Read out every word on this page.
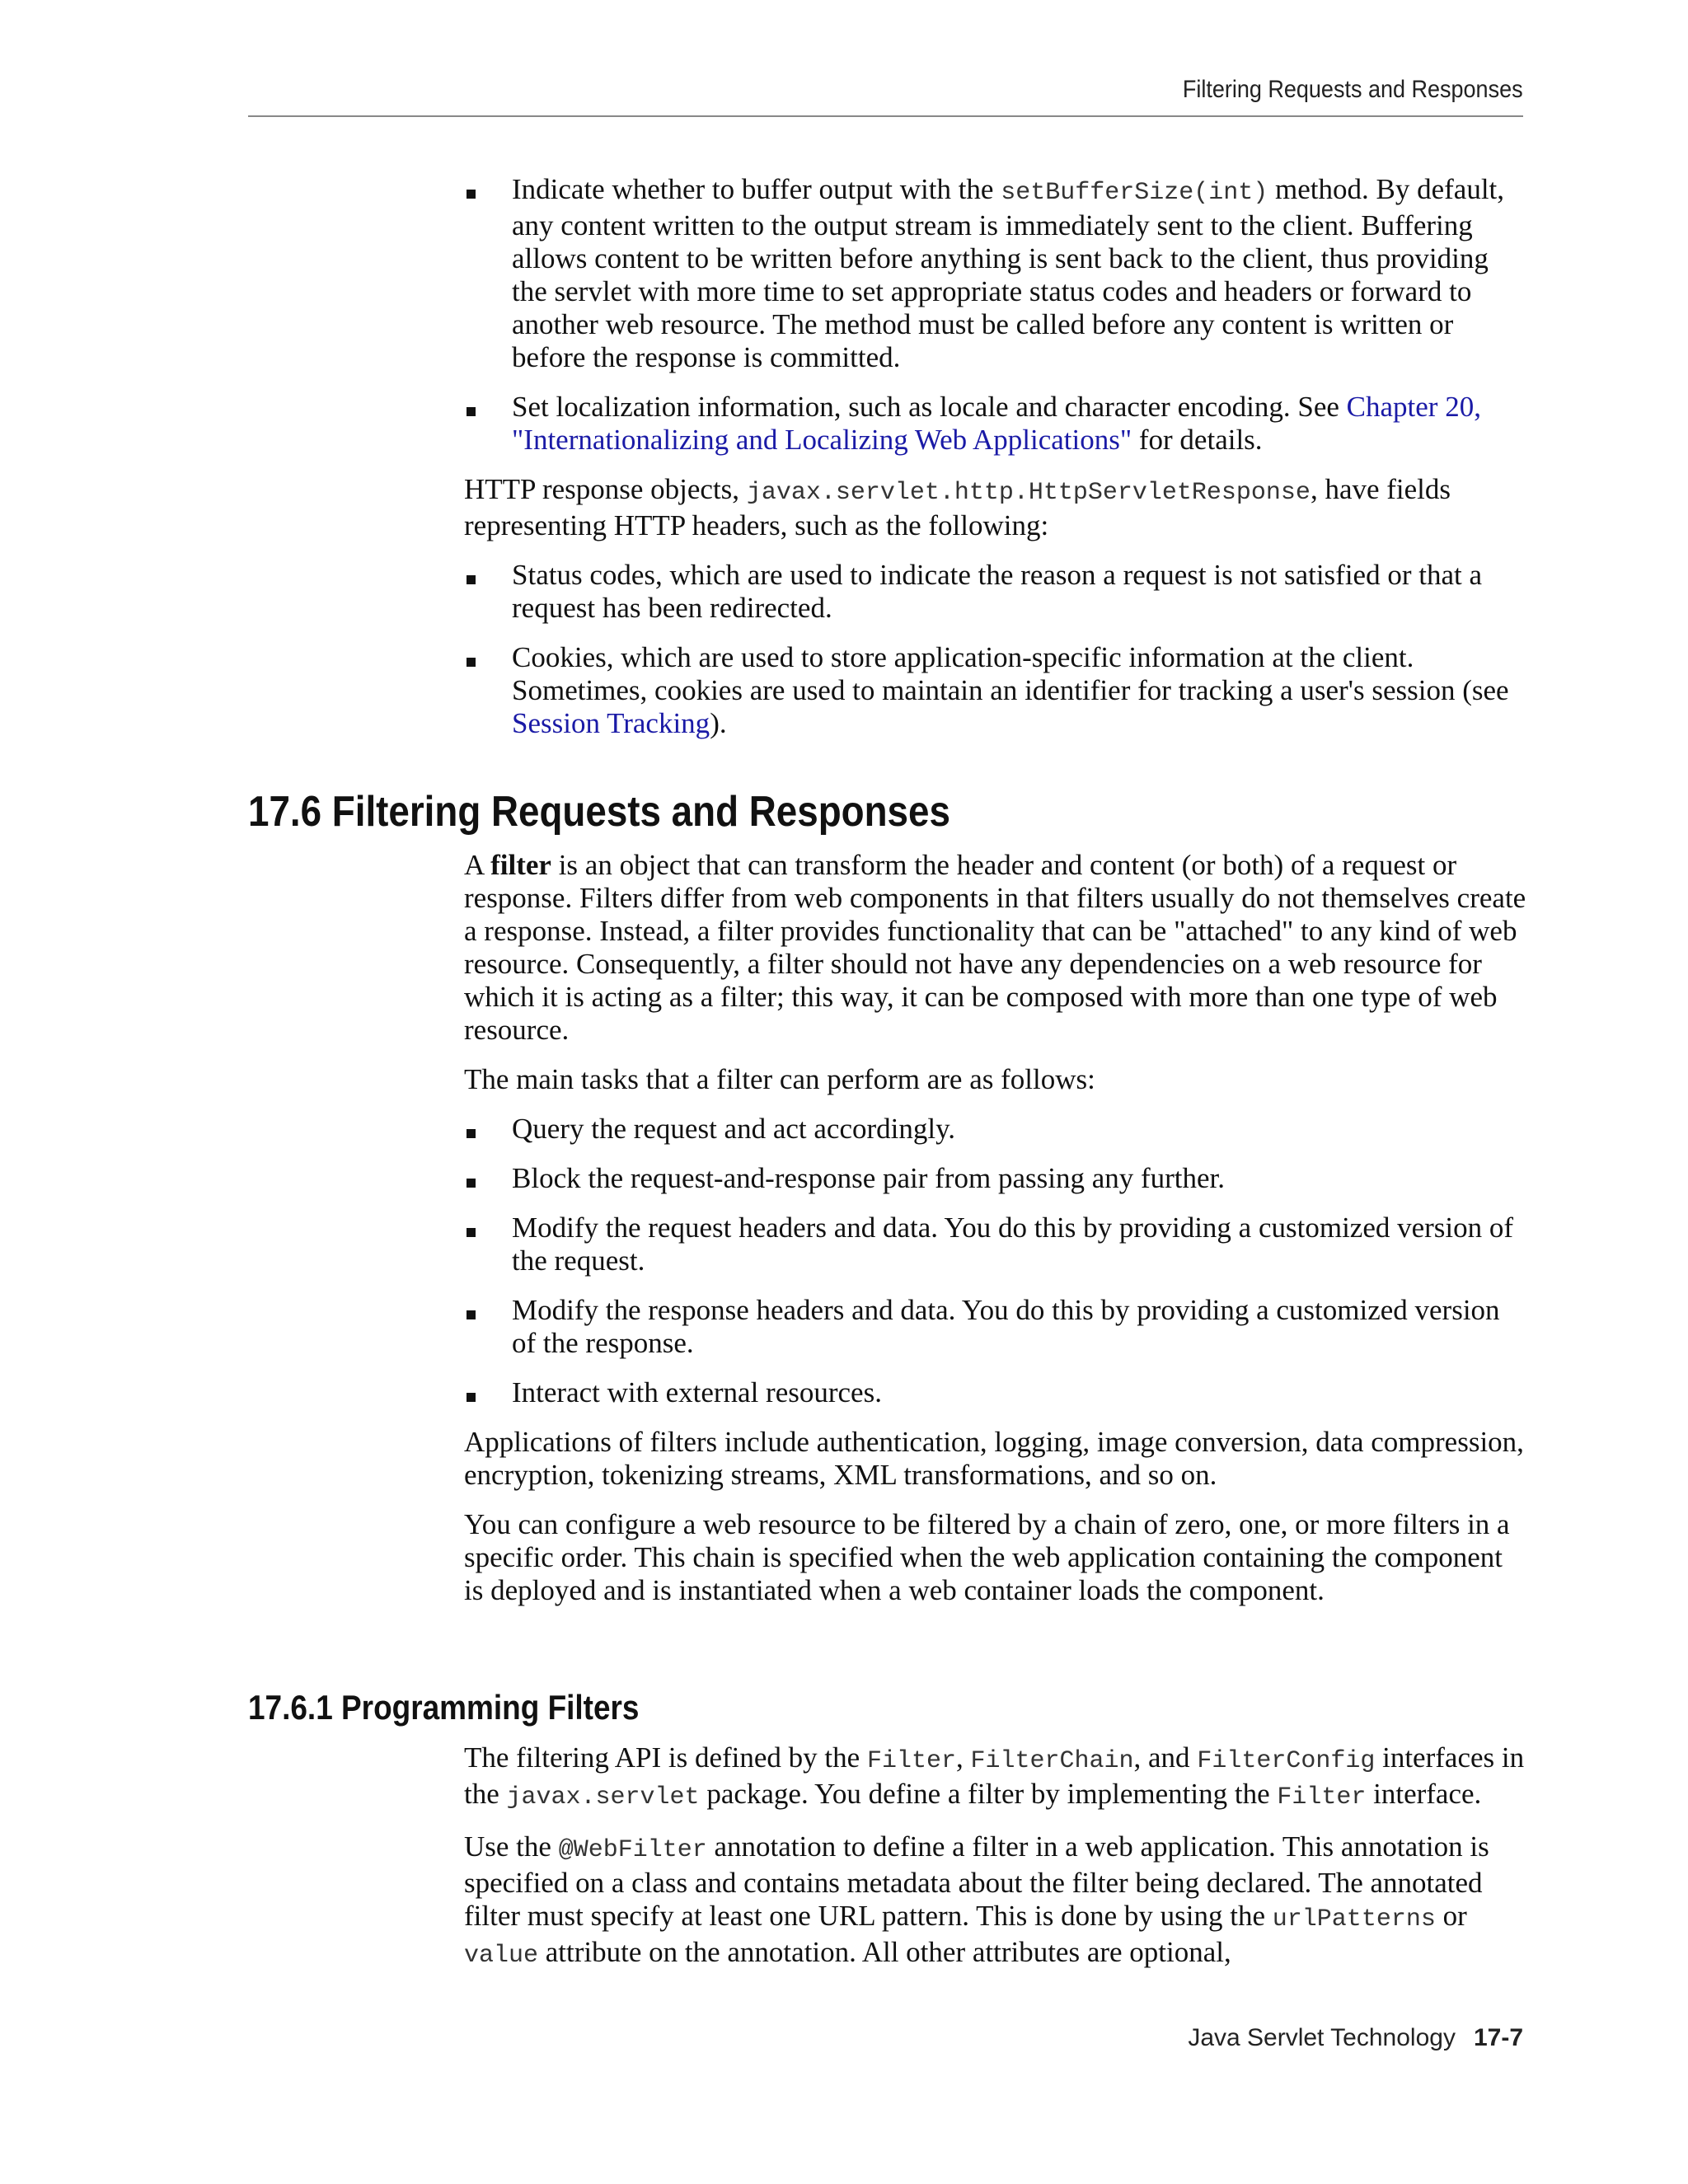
Filtering Requests and Responses
Indicate whether to buffer output with the setBufferSize(int) method. By default, any content written to the output stream is immediately sent to the client. Buffering allows content to be written before anything is sent back to the client, thus providing the servlet with more time to set appropriate status codes and headers or forward to another web resource. The method must be called before any content is written or before the response is committed.
Set localization information, such as locale and character encoding. See Chapter 20, "Internationalizing and Localizing Web Applications" for details.

HTTP response objects, javax.servlet.http.HttpServletResponse, have fields representing HTTP headers, such as the following:

Status codes, which are used to indicate the reason a request is not satisfied or that a request has been redirected.
Cookies, which are used to store application-specific information at the client. Sometimes, cookies are used to maintain an identifier for tracking a user's session (see Session Tracking).
17.6 Filtering Requests and Responses

A filter is an object that can transform the header and content (or both) of a request or response. Filters differ from web components in that filters usually do not themselves create a response. Instead, a filter provides functionality that can be "attached" to any kind of web resource. Consequently, a filter should not have any dependencies on a web resource for which it is acting as a filter; this way, it can be composed with more than one type of web resource.

The main tasks that a filter can perform are as follows:

Query the request and act accordingly.
Block the request-and-response pair from passing any further.
Modify the request headers and data. You do this by providing a customized version of the request.
Modify the response headers and data. You do this by providing a customized version of the response.
Interact with external resources.

Applications of filters include authentication, logging, image conversion, data compression, encryption, tokenizing streams, XML transformations, and so on.

You can configure a web resource to be filtered by a chain of zero, one, or more filters in a specific order. This chain is specified when the web application containing the component is deployed and is instantiated when a web container loads the component.

17.6.1 Programming Filters

The filtering API is defined by the Filter, FilterChain, and FilterConfig interfaces in the javax.servlet package. You define a filter by implementing the Filter interface.

Use the @WebFilter annotation to define a filter in a web application. This annotation is specified on a class and contains metadata about the filter being declared. The annotated filter must specify at least one URL pattern. This is done by using the urlPatterns or value attribute on the annotation. All other attributes are optional,

Java Servlet Technology 17-7
